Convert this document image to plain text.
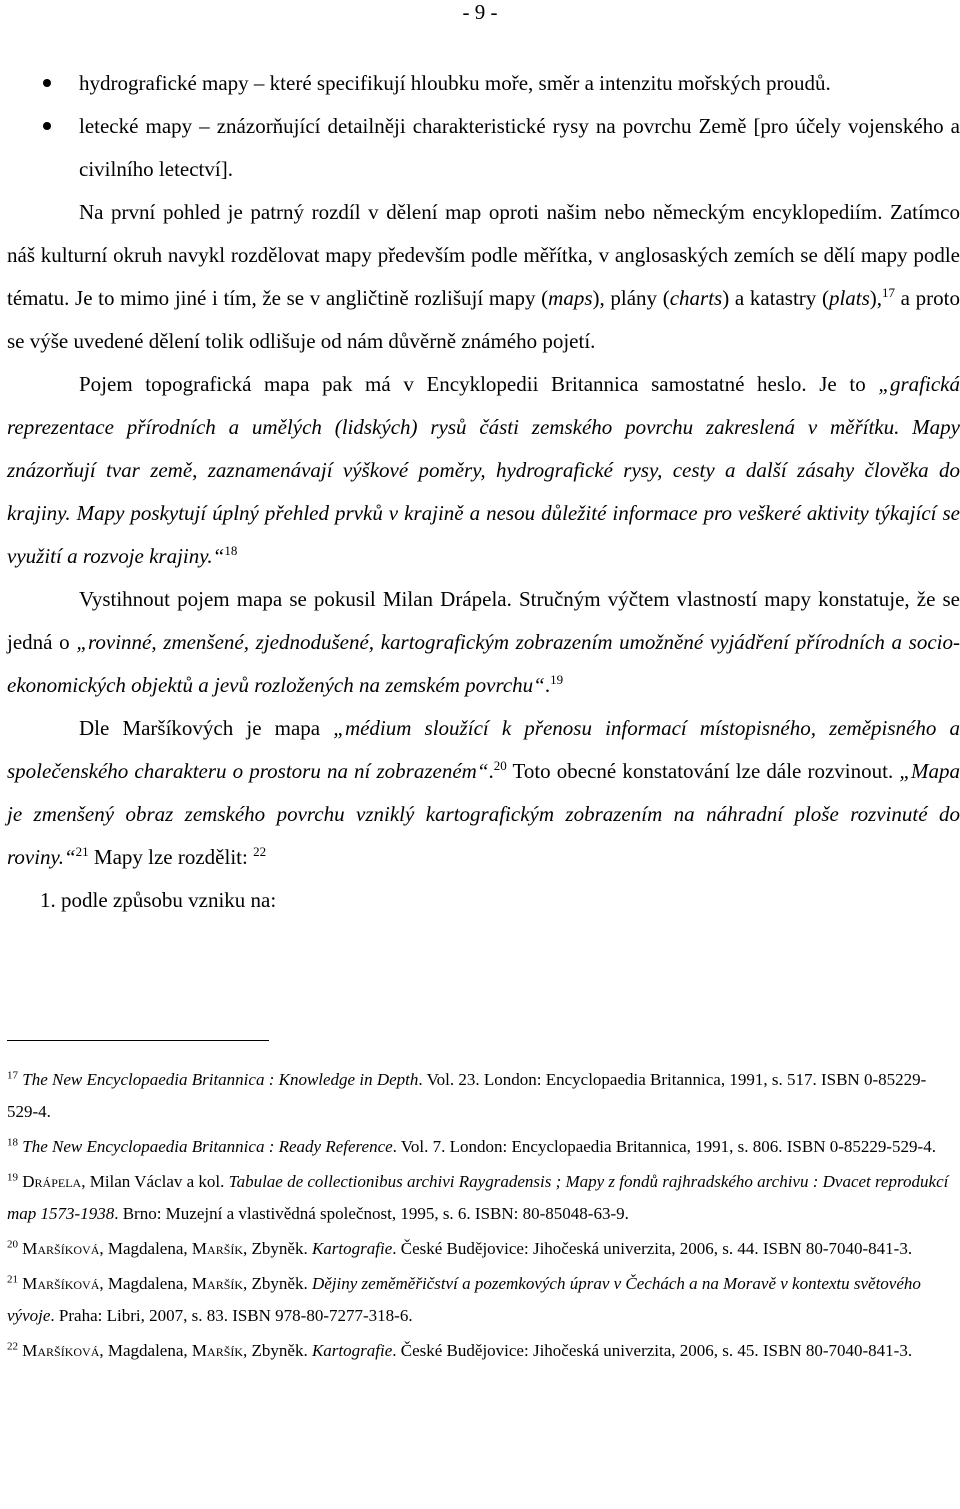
- 9 -

hydrografické mapy – které specifikují hloubku moře, směr a intenzitu mořských proudů.

letecké mapy – znázorňující detailněji charakteristické rysy na povrchu Země [pro účely vojenského a civilního letectví].

Na první pohled je patrný rozdíl v dělení map oproti našim nebo německým encyklopediím. Zatímco náš kulturní okruh navykl rozdělovat mapy především podle měřítka, v anglosaských zemích se dělí mapy podle tématu. Je to mimo jiné i tím, že se v angličtině rozlišují mapy (maps), plány (charts) a katastry (plats),$^{17}$ a proto se výše uvedené dělení tolik odlišuje od nám důvěrně známého pojetí.

Pojem topografická mapa pak má v Encyklopedii Britannica samostatné heslo. Je to „grafická reprezentace přírodních a umělých (lidských) rysů části zemského povrchu zakreslená v měřítku. Mapy znázorňují tvar země, zaznamenávají výškové poměry, hydrografické rysy, cesty a další zásahy člověka do krajiny. Mapy poskytují úplný přehled prvků v krajině a nesou důležité informace pro veškeré aktivity týkající se využití a rozvoje krajiny.“$^{18}$

Vystihnout pojem mapa se pokusil Milan Drápela. Stručným výčtem vlastností mapy konstatuje, že se jedná o „rovinné, zmenšené, zjednodušené, kartografickým zobrazením umožněné vyjádření přírodních a socio-ekonomických objektů a jevů rozložených na zemském povrchu“.$^{19}$

Dle Maršíkových je mapa „médium sloužící k přenosu informací místopisného, zeměpisného a společenského charakteru o prostoru na ní zobrazeném“.$^{20}$ Toto obecné konstatování lze dále rozvinout. „Mapa je zmenšený obraz zemského povrchu vzniklý kartografickým zobrazením na náhradní ploše rozvinuté do roviny.“$^{21}$ Mapy lze rozdělit: $^{22}$

1. podle způsobu vzniku na:

$^{17}$ The New Encyclopaedia Britannica : Knowledge in Depth. Vol. 23. London: Encyclopaedia Britannica, 1991, s. 517. ISBN 0-85229-529-4.

$^{18}$ The New Encyclopaedia Britannica : Ready Reference. Vol. 7. London: Encyclopaedia Britannica, 1991, s. 806. ISBN 0-85229-529-4.

$^{19}$ Drápela, Milan Václav a kol. Tabulae de collectionibus archivi Raygradensis ; Mapy z fondů rajhradského archivu : Dvacet reprodukcí map 1573-1938. Brno: Muzejní a vlastivědná společnost, 1995, s. 6. ISBN: 80-85048-63-9.

$^{20}$ Maršíková, Magdalena, Maršík, Zbyněk. Kartografie. České Budějovice: Jihočeská univerzita, 2006, s. 44. ISBN 80-7040-841-3.

$^{21}$ Maršíková, Magdalena, Maršík, Zbyněk. Dějiny zeměměřičství a pozemkových úprav v Čechách a na Moravě v kontextu světového vývoje. Praha: Libri, 2007, s. 83. ISBN 978-80-7277-318-6.

$^{22}$ Maršíková, Magdalena, Maršík, Zbyněk. Kartografie. České Budějovice: Jihočeská univerzita, 2006, s. 45. ISBN 80-7040-841-3.
